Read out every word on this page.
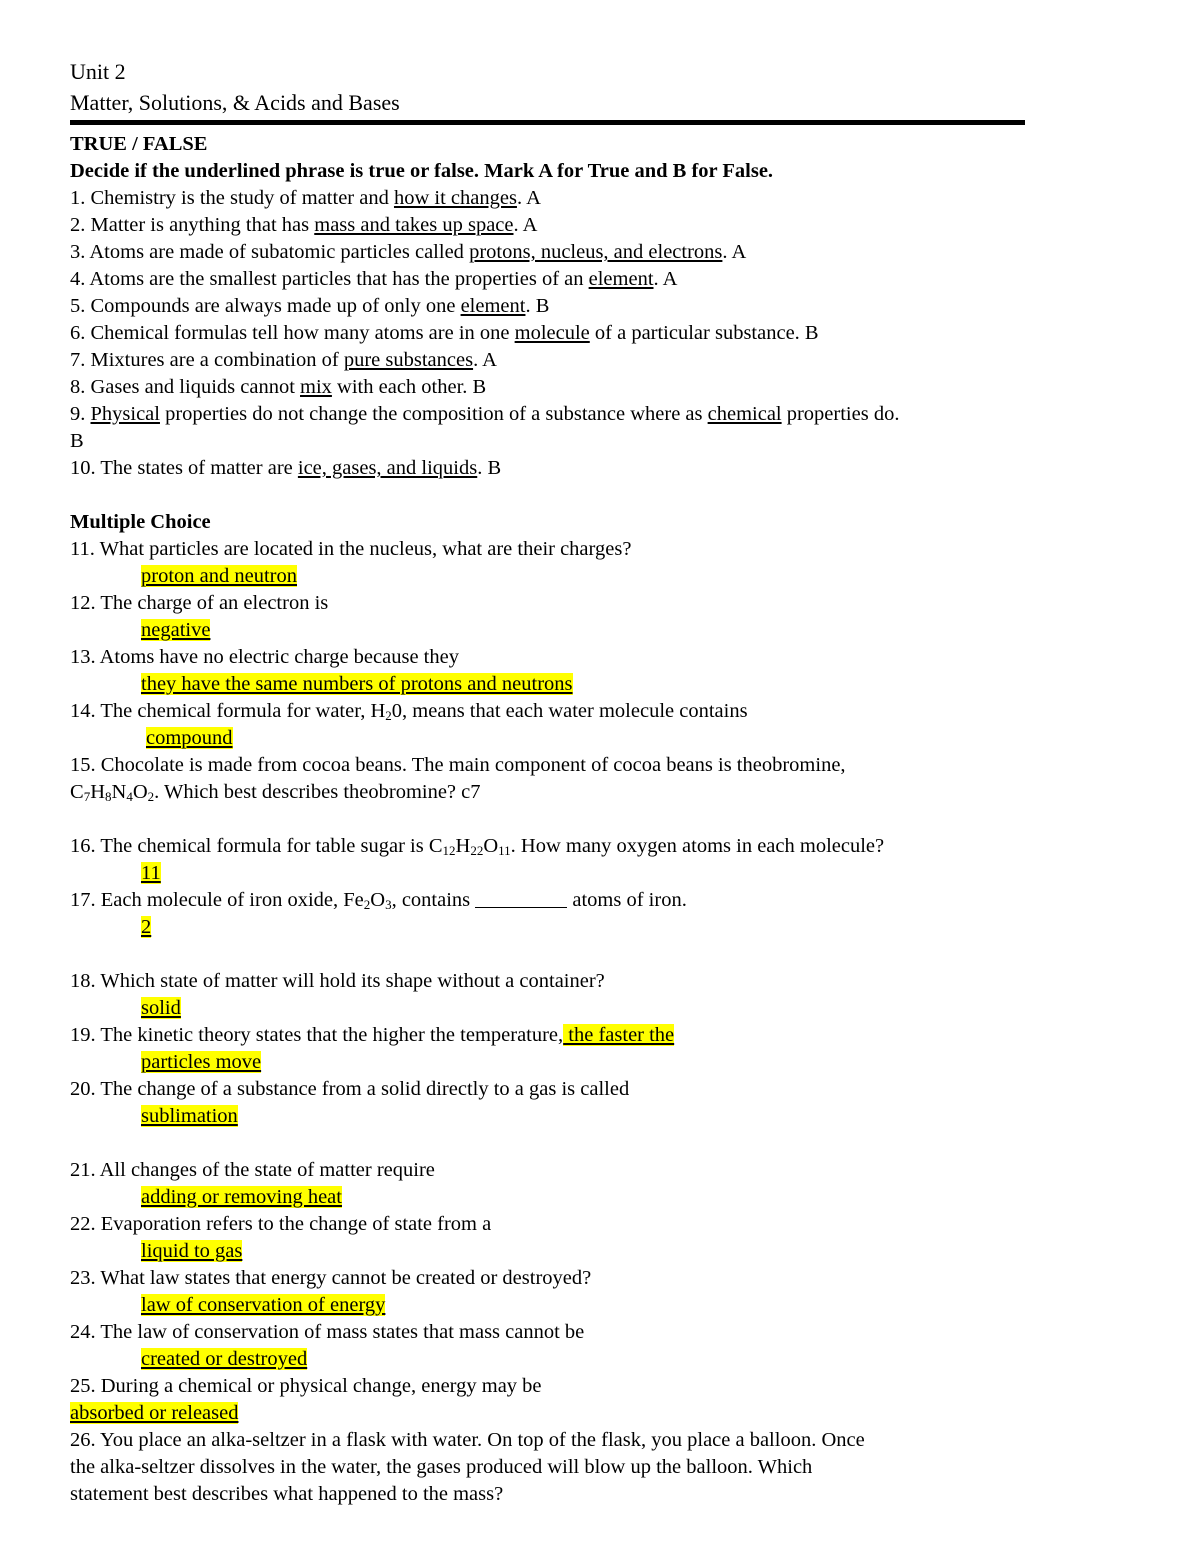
Unit 2
Matter, Solutions, & Acids and Bases
TRUE / FALSE
Decide if the underlined phrase is true or false. Mark A for True and B for False.
1. Chemistry is the study of matter and how it changes. A
2. Matter is anything that has mass and takes up space. A
3. Atoms are made of subatomic particles called protons, nucleus, and electrons. A
4. Atoms are the smallest particles that has the properties of an element. A
5. Compounds are always made up of only one element. B
6. Chemical formulas tell how many atoms are in one molecule of a particular substance. B
7. Mixtures are a combination of pure substances. A
8. Gases and liquids cannot mix with each other. B
9. Physical properties do not change the composition of a substance where as chemical properties do.
B
10. The states of matter are ice, gases, and liquids. B
Multiple Choice
11. What particles are located in the nucleus, what are their charges?
proton and neutron
12. The charge of an electron is
negative
13. Atoms have no electric charge because they
they have the same numbers of protons and neutrons
14. The chemical formula for water, $H_20$, means that each water molecule contains
compound
15. Chocolate is made from cocoa beans. The main component of cocoa beans is theobromine,
$C_7H_8N_4O_2$. Which best describes theobromine? c7
16. The chemical formula for table sugar is $C_{12}H_{22}O_{11}$. How many oxygen atoms in each molecule?
11
17. Each molecule of iron oxide, $Fe_2O_3$, contains	atoms of iron.
2
18. Which state of matter will hold its shape without a container?
solid
19. The kinetic theory states that the higher the temperature, the faster the
particles move
20. The change of a substance from a solid directly to a gas is called
sublimation
21. All changes of the state of matter require
adding or removing heat
22. Evaporation refers to the change of state from a
liquid to gas
23. What law states that energy cannot be created or destroyed?
law of conservation of energy
24. The law of conservation of mass states that mass cannot be
created or destroyed
25. During a chemical or physical change, energy may be
absorbed or released
26. You place an alka-seltzer in a flask with water. On top of the flask, you place a balloon. Once
the alka-seltzer dissolves in the water, the gases produced will blow up the balloon. Which
statement best describes what happened to the mass?
